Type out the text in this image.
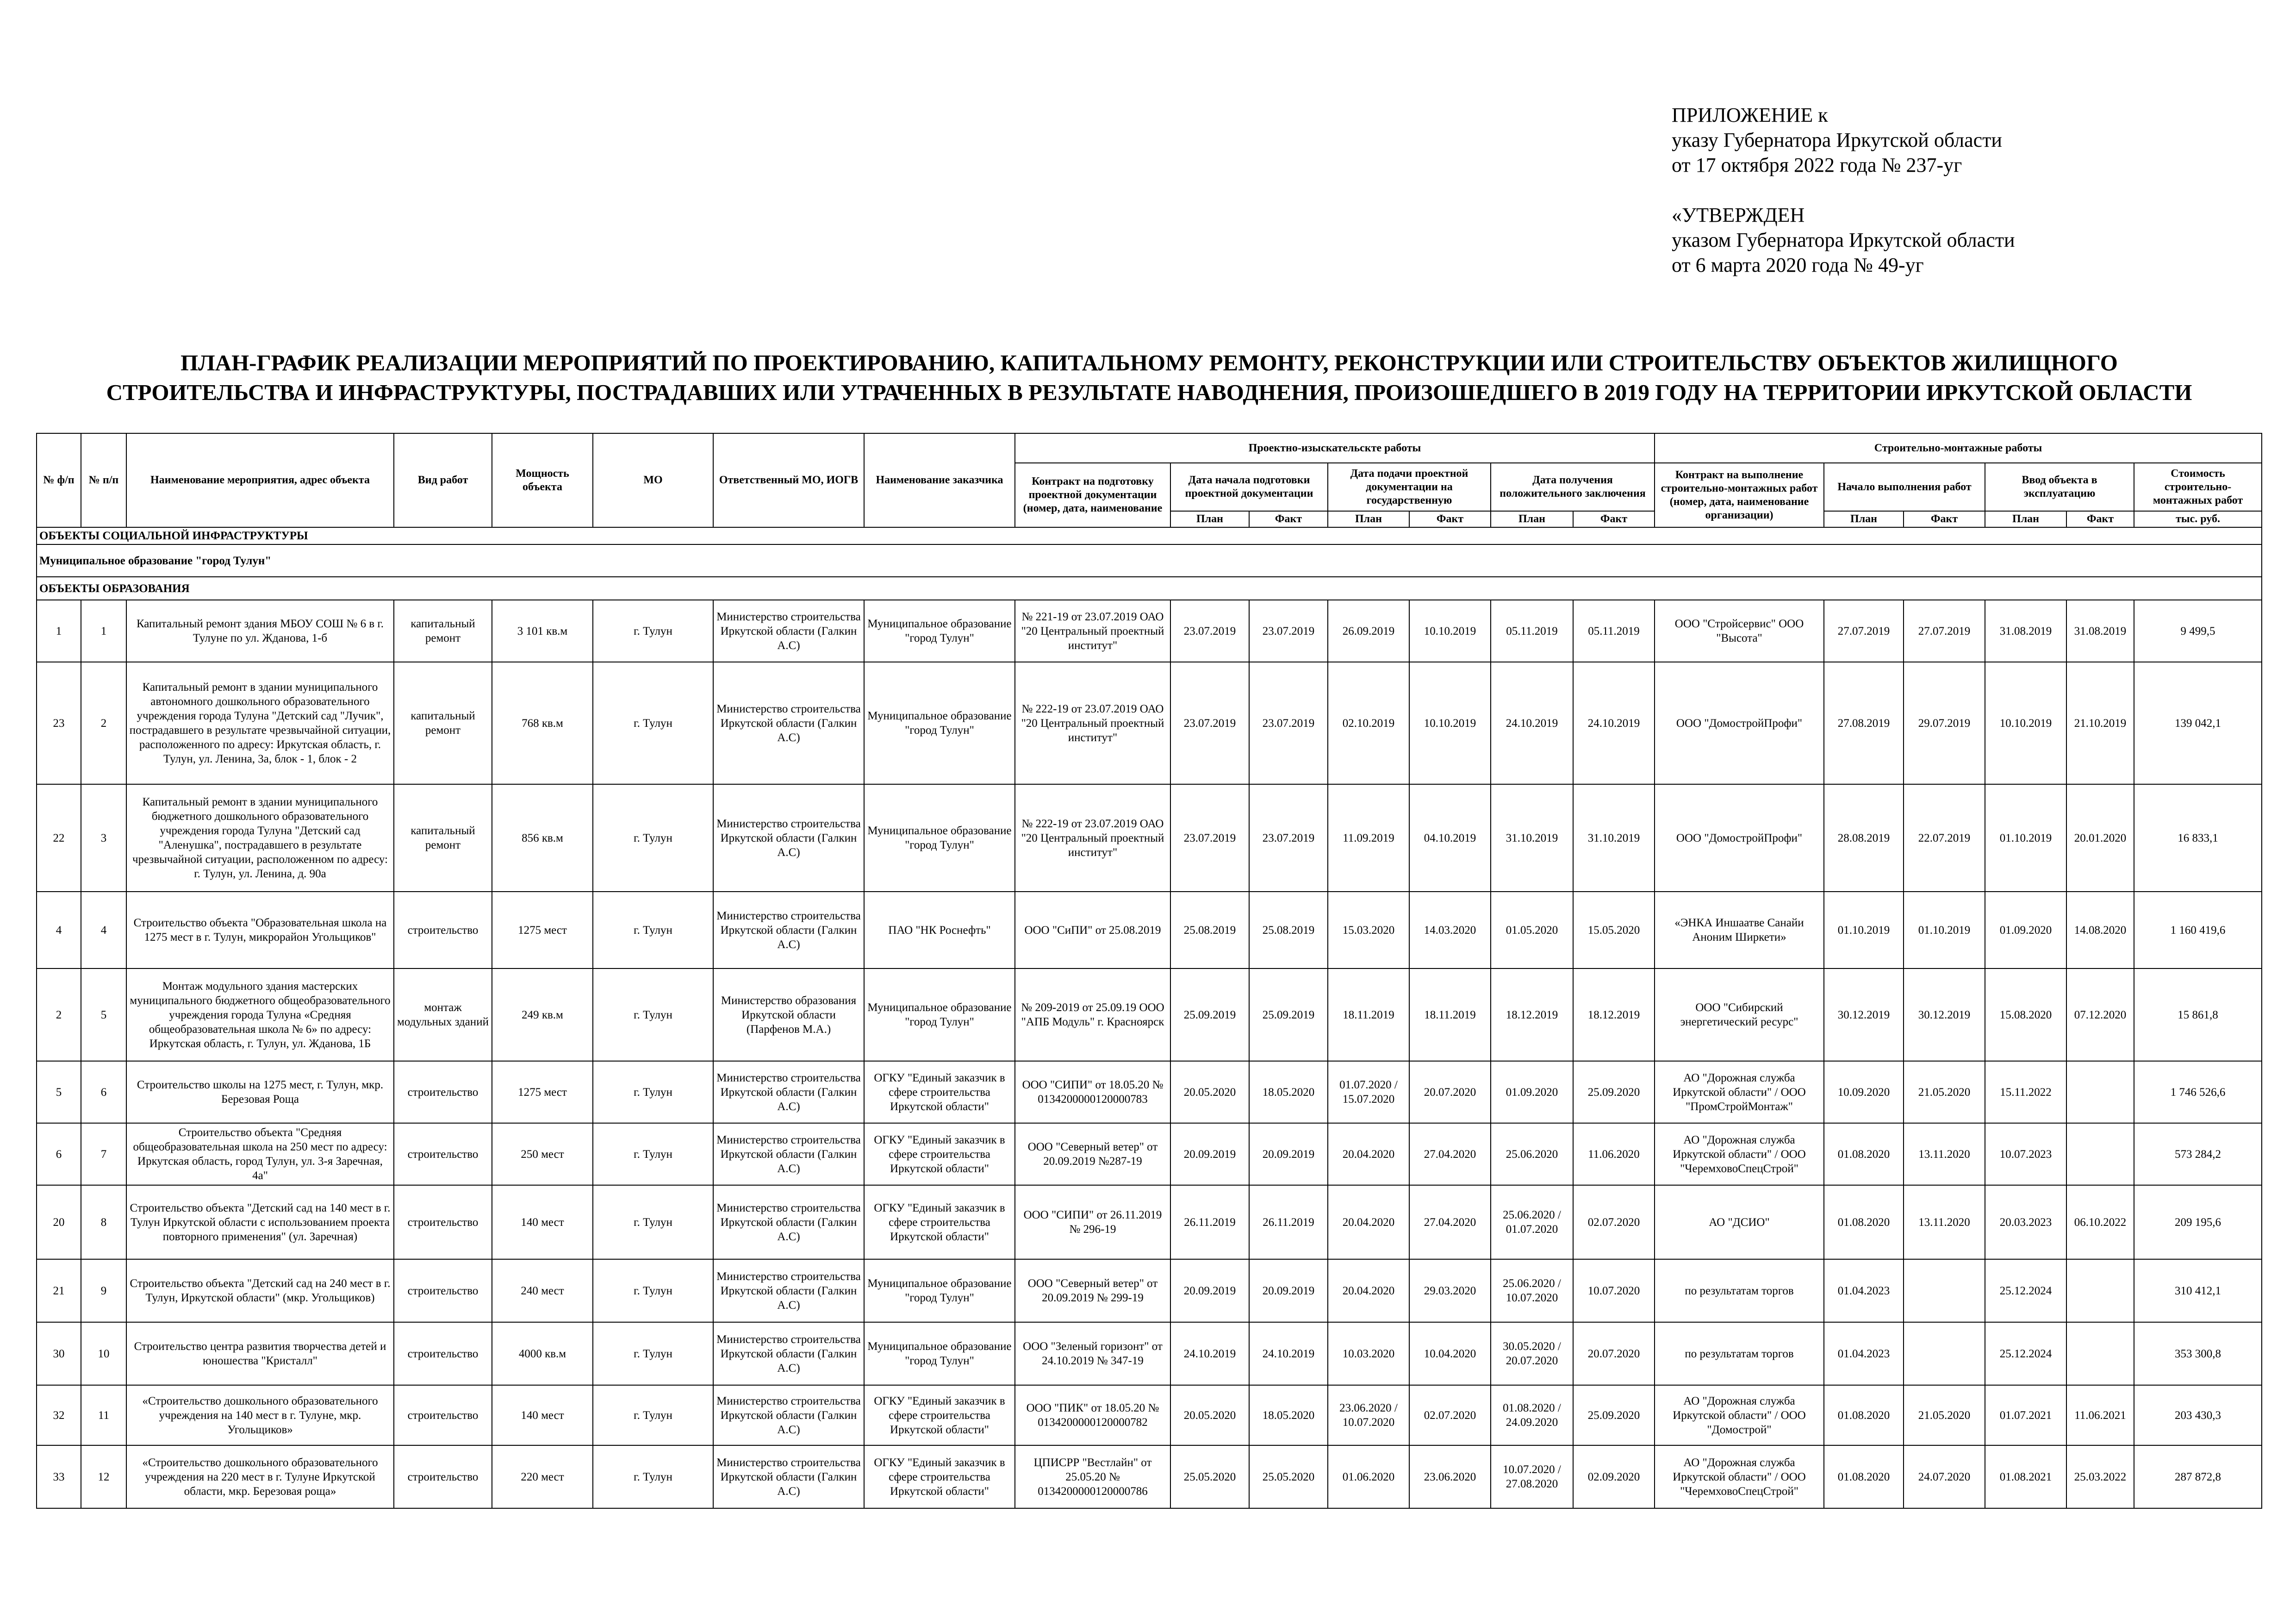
ПРИЛОЖЕНИЕ к
указу Губернатора Иркутской области
от 17 октября 2022 года № 237-уг
«УТВЕРЖДЕН
указом Губернатора Иркутской области
от 6 марта 2020 года № 49-уг
ПЛАН-ГРАФИК РЕАЛИЗАЦИИ МЕРОПРИЯТИЙ ПО ПРОЕКТИРОВАНИЮ, КАПИТАЛЬНОМУ РЕМОНТУ, РЕКОНСТРУКЦИИ ИЛИ СТРОИТЕЛЬСТВУ ОБЪЕКТОВ ЖИЛИЩНОГО
СТРОИТЕЛЬСТВА И ИНФРАСТРУКТУРЫ, ПОСТРАДАВШИХ ИЛИ УТРАЧЕННЫХ В РЕЗУЛЬТАТЕ НАВОДНЕНИЯ, ПРОИЗОШЕДШЕГО В 2019 ГОДУ НА ТЕРРИТОРИИ ИРКУТСКОЙ ОБЛАСТИ
№ ф/п	№ п/п	Наименование мероприятия, адрес объекта	Вид работ	Мощность объекта	МО	Ответственный МО, ИОГВ	Наименование заказчика	Проектно-изыскательсктe работы							Строительно-монтажные работы					
								Контракт на подготовку проектной документации (номер, дата, наименование	Дата начала подготовки проектной документации		Дата подачи проектной документации на государственную		Дата получения положительного заключения		Контракт на выполнение строительно-монтажных работ (номер, дата, наименование организации)	Начало выполнения работ		Ввод объекта в эксплуатацию		Стоимость строительно-монтажных работ
									План	Факт	План	Факт	План	Факт		План	Факт	План	Факт	тыс. руб.
ОБЪЕКТЫ СОЦИАЛЬНОЙ ИНФРАСТРУКТУРЫ																				
Муниципальное образование "город Тулун"																				
ОБЪЕКТЫ ОБРАЗОВАНИЯ																				
1	1	Капитальный ремонт здания МБОУ СОШ № 6 в г. Тулуне по ул. Жданова, 1-б	капитальный ремонт	3 101 кв.м	г. Тулун	Министерство строительства Иркутской области (Галкин А.С)	Муниципальное образование "город Тулун"	№ 221-19 от 23.07.2019 ОАО "20 Центральный проектный институт"	23.07.2019	23.07.2019	26.09.2019	10.10.2019	05.11.2019	05.11.2019	ООО "Стройсервис" ООО "Высота"	27.07.2019	27.07.2019	31.08.2019	31.08.2019	9 499,5
23	2	Капитальный ремонт в здании муниципального автономного дошкольного образовательного учреждения города Тулуна "Детский сад "Лучик", пострадавшего в результате чрезвычайной ситуации, расположенного по адресу: Иркутская область, г. Тулун, ул. Ленина, 3а, блок - 1, блок - 2	капитальный ремонт	768 кв.м	г. Тулун	Министерство строительства Иркутской области (Галкин А.С)	Муниципальное образование "город Тулун"	№ 222-19 от 23.07.2019 ОАО "20 Центральный проектный институт"	23.07.2019	23.07.2019	02.10.2019	10.10.2019	24.10.2019	24.10.2019	ООО "ДомостройПрофи"	27.08.2019	29.07.2019	10.10.2019	21.10.2019	139 042,1
22	3	Капитальный ремонт в здании муниципального бюджетного дошкольного образовательного учреждения города Тулуна "Детский сад "Аленушка", пострадавшего в результате чрезвычайной ситуации, расположенном по адресу: г. Тулун, ул. Ленина, д. 90а	капитальный ремонт	856 кв.м	г. Тулун	Министерство строительства Иркутской области (Галкин А.С)	Муниципальное образование "город Тулун"	№ 222-19 от 23.07.2019 ОАО "20 Центральный проектный институт"	23.07.2019	23.07.2019	11.09.2019	04.10.2019	31.10.2019	31.10.2019	ООО "ДомостройПрофи"	28.08.2019	22.07.2019	01.10.2019	20.01.2020	16 833,1
4	4	Строительство объекта "Образовательная школа на 1275 мест в г. Тулун, микрорайон Угольщиков"	строительство	1275 мест	г. Тулун	Министерство строительства Иркутской области (Галкин А.С)	ПАО "НК Роснефть"	ООО "СиПИ" от 25.08.2019	25.08.2019	25.08.2019	15.03.2020	14.03.2020	01.05.2020	15.05.2020	«ЭНКА Иншаатве Санайи Аноним Ширкети»	01.10.2019	01.10.2019	01.09.2020	14.08.2020	1 160 419,6
2	5	Монтаж модульного здания мастерских муниципального бюджетного общеобразовательного учреждения города Тулуна «Средняя общеобразовательная школа № 6» по адресу: Иркутская область, г. Тулун, ул. Жданова, 1Б	монтаж модульных зданий	249 кв.м	г. Тулун	Министерство образования Иркутской области (Парфенов М.А.)	Муниципальное образование "город Тулун"	№ 209-2019 от 25.09.19 ООО "АПБ Модуль" г. Красноярск	25.09.2019	25.09.2019	18.11.2019	18.11.2019	18.12.2019	18.12.2019	ООО "Сибирский энергетический ресурс"	30.12.2019	30.12.2019	15.08.2020	07.12.2020	15 861,8
5	6	Строительство школы на 1275 мест, г. Тулун, мкр. Березовая Роща	строительство	1275 мест	г. Тулун	Министерство строительства Иркутской области (Галкин А.С)	ОГКУ "Единый заказчик в сфере строительства Иркутской области"	ООО "СИПИ" от 18.05.20 № 0134200000120000783	20.05.2020	18.05.2020	01.07.2020 / 15.07.2020	20.07.2020	01.09.2020	25.09.2020	АО "Дорожная служба Иркутской области" / ООО "ПромСтройМонтаж"	10.09.2020	21.05.2020	15.11.2022		1 746 526,6
6	7	Строительство объекта "Средняя общеобразовательная школа на 250 мест по адресу: Иркутская область, город Тулун, ул. 3-я Заречная, 4а"	строительство	250 мест	г. Тулун	Министерство строительства Иркутской области (Галкин А.С)	ОГКУ "Единый заказчик в сфере строительства Иркутской области"	ООО "Северный ветер" от 20.09.2019 №287-19	20.09.2019	20.09.2019	20.04.2020	27.04.2020	25.06.2020	11.06.2020	АО "Дорожная служба Иркутской области" / ООО "ЧеремховоСпецСтрой"	01.08.2020	13.11.2020	10.07.2023		573 284,2
20	8	Строительство объекта "Детский сад на 140 мест в г. Тулун Иркутской области с использованием проекта повторного применения" (ул. Заречная)	строительство	140 мест	г. Тулун	Министерство строительства Иркутской области (Галкин А.С)	ОГКУ "Единый заказчик в сфере строительства Иркутской области"	ООО "СИПИ" от 26.11.2019 № 296-19	26.11.2019	26.11.2019	20.04.2020	27.04.2020	25.06.2020 / 01.07.2020	02.07.2020	АО "ДСИО"	01.08.2020	13.11.2020	20.03.2023	06.10.2022	209 195,6
21	9	Строительство объекта "Детский сад на 240 мест в г. Тулун, Иркутской области" (мкр. Угольщиков)	строительство	240 мест	г. Тулун	Министерство строительства Иркутской области (Галкин А.С)	Муниципальное образование "город Тулун"	ООО "Северный ветер" от 20.09.2019 № 299-19	20.09.2019	20.09.2019	20.04.2020	29.03.2020	25.06.2020 / 10.07.2020	10.07.2020	по результатам торгов	01.04.2023		25.12.2024		310 412,1
30	10	Строительство центра развития творчества детей и юношества "Кристалл"	строительство	4000 кв.м	г. Тулун	Министерство строительства Иркутской области (Галкин А.С)	Муниципальное образование "город Тулун"	ООО "Зеленый горизонт" от 24.10.2019 № 347-19	24.10.2019	24.10.2019	10.03.2020	10.04.2020	30.05.2020 / 20.07.2020	20.07.2020	по результатам торгов	01.04.2023		25.12.2024		353 300,8
32	11	«Строительство дошкольного образовательного учреждения на 140 мест в г. Тулуне, мкр. Угольщиков»	строительство	140 мест	г. Тулун	Министерство строительства Иркутской области (Галкин А.С)	ОГКУ "Единый заказчик в сфере строительства Иркутской области"	ООО "ПИК" от 18.05.20 № 0134200000120000782	20.05.2020	18.05.2020	23.06.2020 / 10.07.2020	02.07.2020	01.08.2020 / 24.09.2020	25.09.2020	АО "Дорожная служба Иркутской области" / ООО "Домострой"	01.08.2020	21.05.2020	01.07.2021	11.06.2021	203 430,3
33	12	«Строительство дошкольного образовательного учреждения на 220 мест в г. Тулуне Иркутской области, мкр. Березовая роща»	строительство	220 мест	г. Тулун	Министерство строительства Иркутской области (Галкин А.С)	ОГКУ "Единый заказчик в сфере строительства Иркутской области"	ЦПИСРР "Вестлайн" от 25.05.20 № 0134200000120000786	25.05.2020	25.05.2020	01.06.2020	23.06.2020	10.07.2020 / 27.08.2020	02.09.2020	АО "Дорожная служба Иркутской области" / ООО "ЧеремховоСпецСтрой"	01.08.2020	24.07.2020	01.08.2021	25.03.2022	287 872,8
